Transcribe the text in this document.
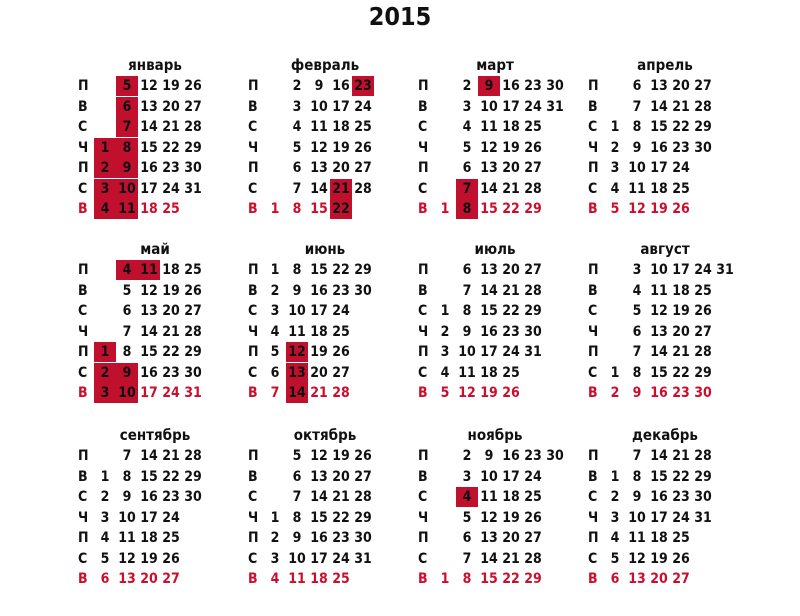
2015
январь
П
В
С
Ч
П
С
В
1
2
3
4
5
6
7
8
9
10
11
12
13
14
15
16
17
18
19
20
21
22
23
24
25
26
27
28
29
30
31
февраль
П
В
С
Ч
П
С
В 1
2
3
4
5
6
7
8
9
10
11
12
13
14
15
16
17
18
19
20
21
22
23
24
25
26
27
28
март
П
В
С
Ч
П
С
В 1
2
3
4
5
6
7
8
9
10
11
12
13
14
15
16
17
18
19
20
21
22
23
24
25
26
27
28
29
30
31
апрель
П
В
С
Ч
П
С
В
1
2
3
4
5
6
7
8
9
10
11
12
13
14
15
16
17
18
19
20
21
22
23
24
25
26
27
28
29
30
май
П
В
С
Ч
П
С
В
1
2
3
4
5
6
7
8
9
10
11
12
13
14
15
16
17
18
19
20
21
22
23
24
25
26
27
28
29
30
31
июнь
П
В
С
Ч
П
С
В
1
2
3
4
5
6
7
8
9
10
11
12
13
14
15
16
17
18
19
20
21
22
23
24
25
26
27
28
29
30
июль
П
В
С
Ч
П
С
В
1
2
3
4
5
6
7
8
9
10
11
12
13
14
15
16
17
18
19
20
21
22
23
24
25
26
27
28
29
30
31
август
П
В
С
Ч
П
С
В
1
2
3
4
5
6
7
8
9
10
11
12
13
14
15
16
17
18
19
20
21
22
23
24
25
26
27
28
29
30
31
сентябрь
П
В
С
Ч
П
С
В
1
2
3
4
5
6
7
8
9
10
11
12
13
14
15
16
17
18
19
20
21
22
23
24
25
26
27
28
29
30
октябрь
П
В
С
Ч
П
С
В
1
2
3
4
5
6
7
8
9
10
11
12
13
14
15
16
17
18
19
20
21
22
23
24
25
26
27
28
29
30
31
ноябрь
П
В
С
Ч
П
С
В 1
2
3
4
5
6
7
8
9
10
11
12
13
14
15
16
17
18
19
20
21
22
23
24
25
26
27
28
29
30
декабрь
П
В
С
Ч
П
С
В
1
2
3
4
5
6
7
8
9
10
11
12
13
14
15
16
17
18
19
20
21
22
23
24
25
26
27
28
29
30
31
